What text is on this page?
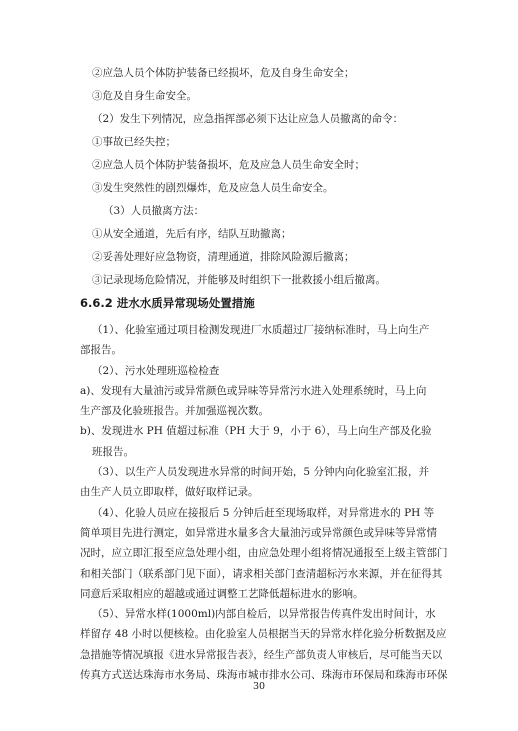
②应急人员个体防护装备已经损坏，危及自身生命安全；
③危及自身生命安全。
（2）发生下列情况，应急指挥部必须下达让应急人员撤离的命令：
①事故已经失控；
②应急人员个体防护装备损坏，危及应急人员生命安全时；
③发生突然性的剧烈爆炸，危及应急人员生命安全。
（3）人员撤离方法：
①从安全通道，先后有序，结队互助撤离；
②妥善处理好应急物资，清理通道，排除风险源后撤离；
③记录现场危险情况，并能够及时组织下一批救援小组后撤离。
6.6.2 进水水质异常现场处置措施
30
（1）、化验室通过项目检测发现进厂水质超过厂接纳标准时，马上向生产
部报告。
（2）、污水处理班巡检检查
a)、发现有大量油污或异常颜色或异味等异常污水进入处理系统时，马上向
生产部及化验班报告。并加强巡视次数。
b)、发现进水 PH 值超过标准（PH 大于 9，小于 6），马上向生产部及化验
班报告。
（3）、以生产人员发现进水异常的时间开始，5 分钟内向化验室汇报，并
由生产人员立即取样，做好取样记录。
（4）、化验人员应在接报后 5 分钟后赶至现场取样，对异常进水的 PH 等
简单项目先进行测定，如异常进水量多含大量油污或异常颜色或异味等异常情
况时，应立即汇报至应急处理小组，由应急处理小组将情况通报至上级主管部门
和相关部门（联系部门见下面），请求相关部门查清超标污水来源，并在征得其
同意后采取相应的超越或通过调整工艺降低超标进水的影响。
（5）、异常水样(1000ml)内部自检后，以异常报告传真件发出时间计，水
样留存 48 小时以便核检。由化验室人员根据当天的异常水样化验分析数据及应
急措施等情况填报《进水异常报告表》，经生产部负责人审核后，尽可能当天以
传真方式送达珠海市水务局、珠海市城市排水公司、珠海市环保局和珠海市环保
